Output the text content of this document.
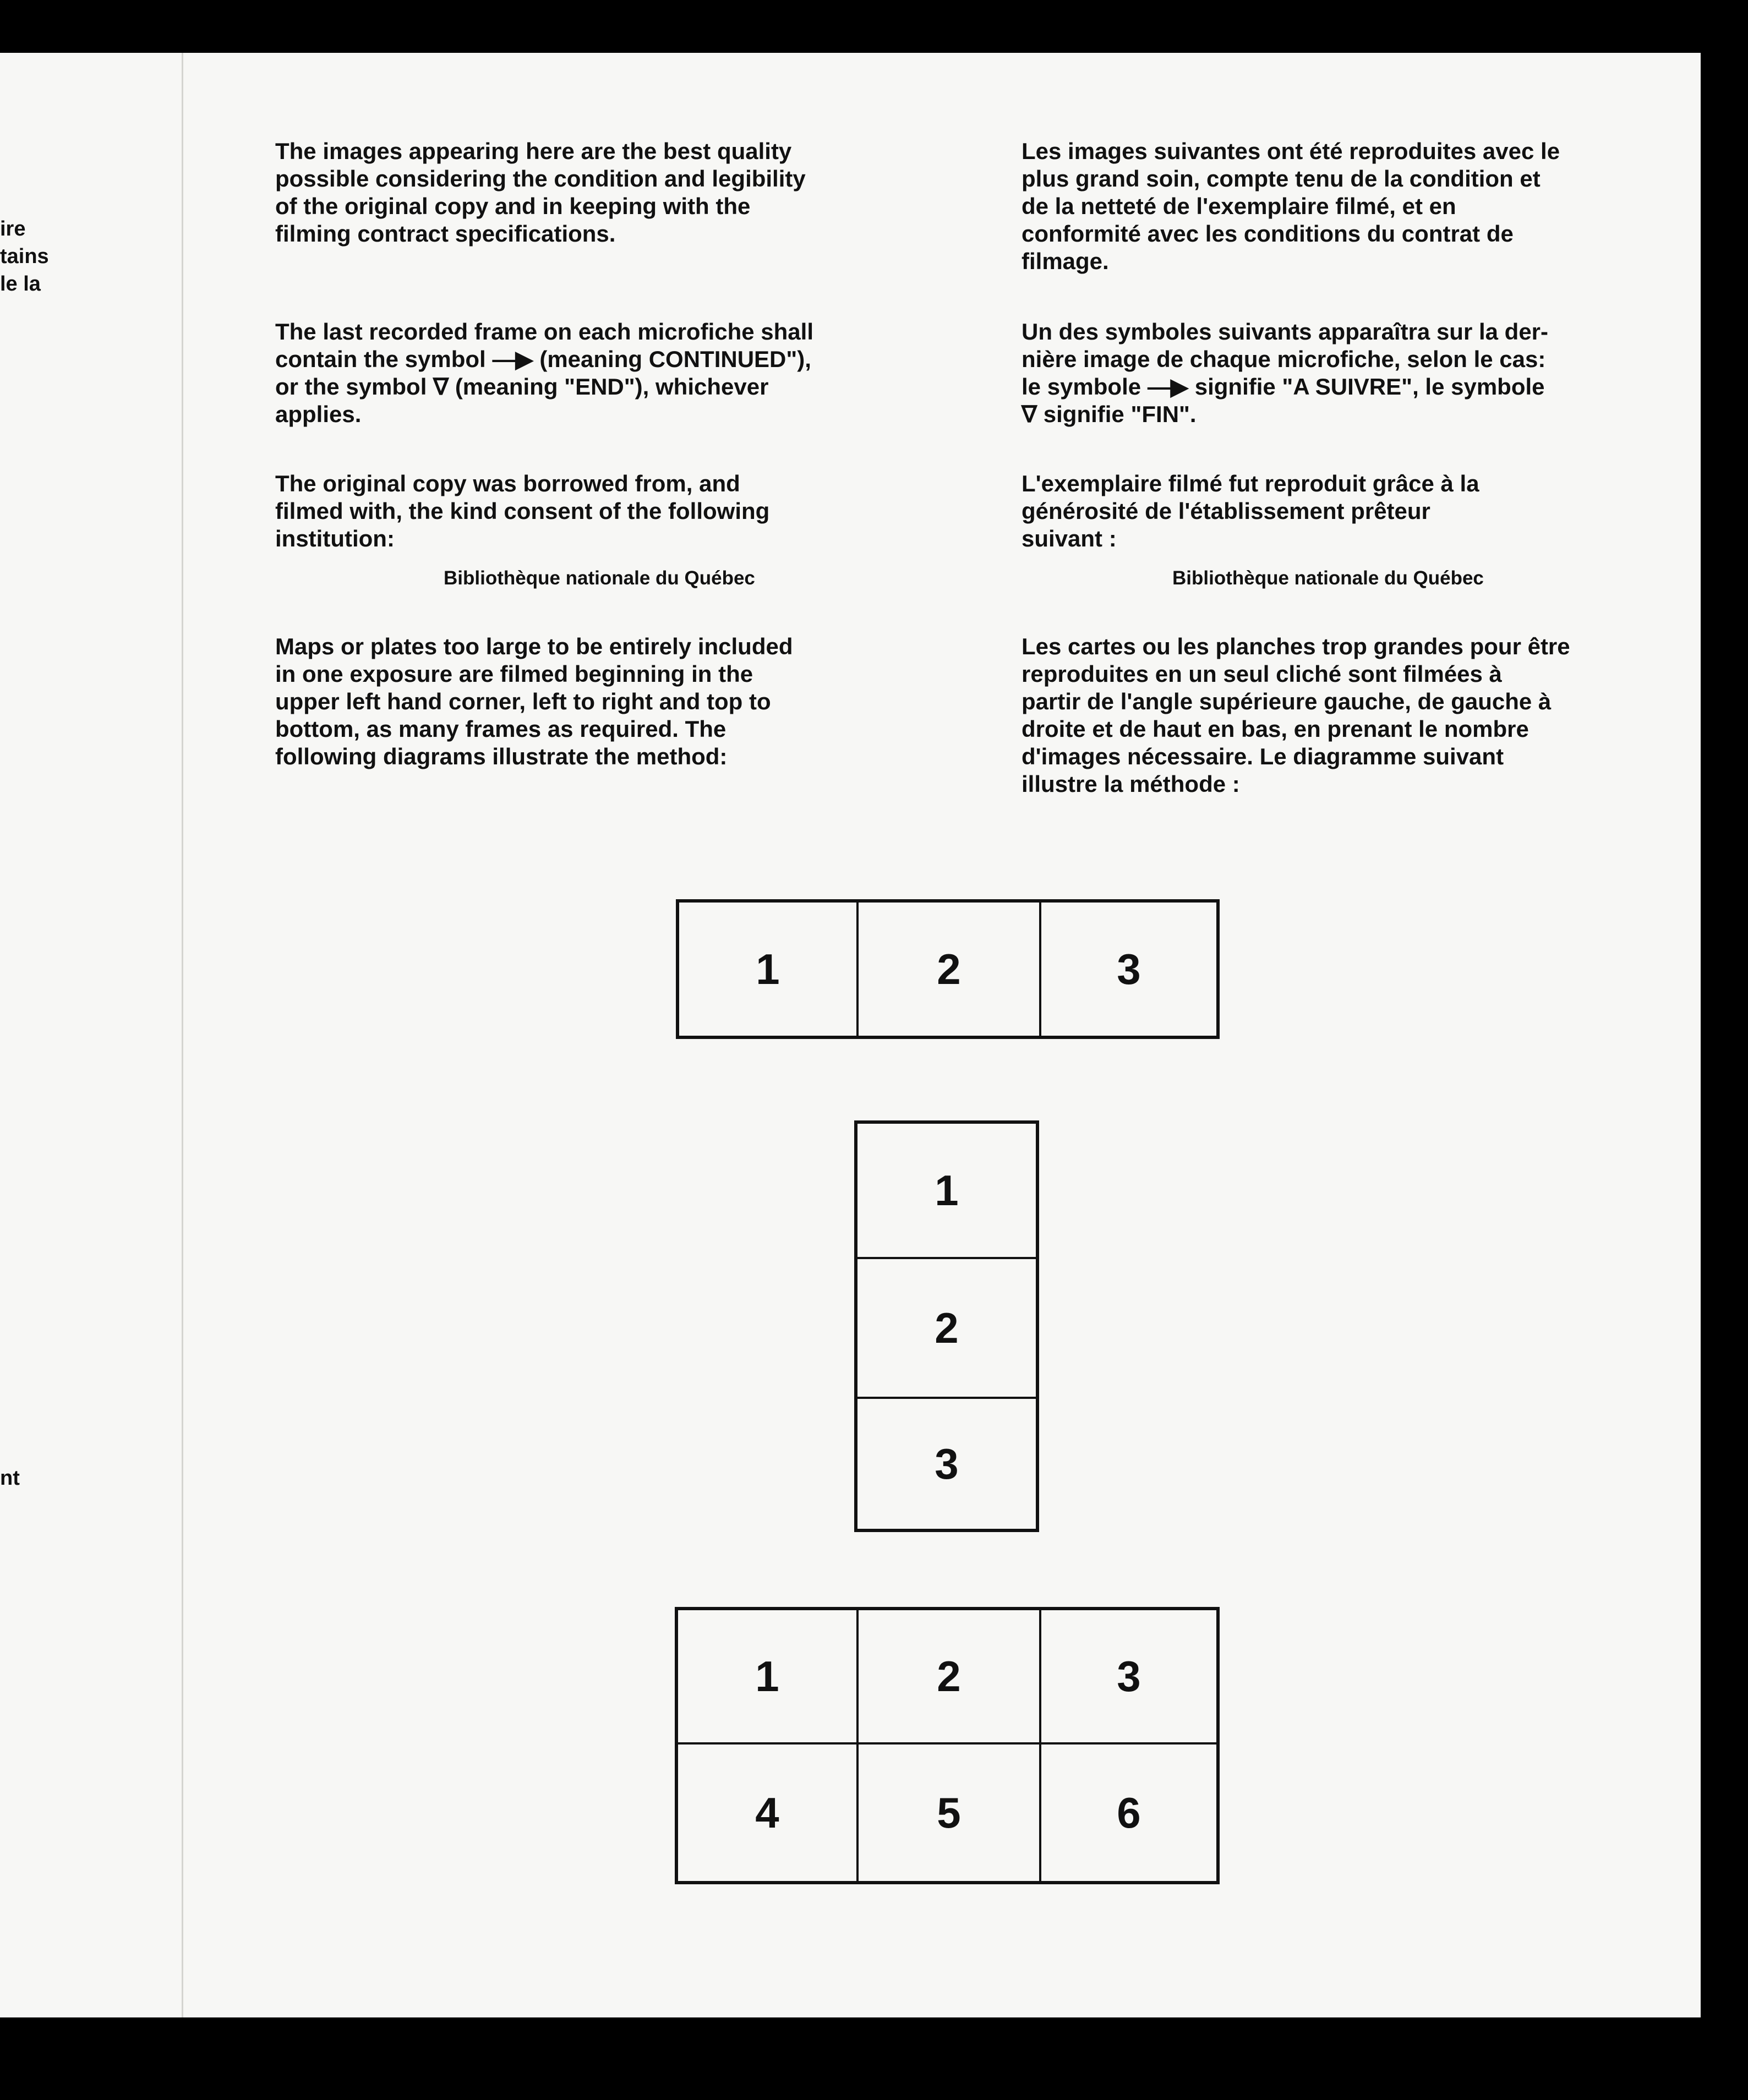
ire
tains
le la
nt
The images appearing here are the best quality
possible considering the condition and legibility
of the original copy and in keeping with the
filming contract specifications.
The last recorded frame on each microfiche shall
contain the symbol —▶ (meaning CONTINUED"),
or the symbol ∇ (meaning "END"), whichever
applies.
The original copy was borrowed from, and
filmed with, the kind consent of the following
institution:
Bibliothèque nationale du Québec
Maps or plates too large to be entirely included
in one exposure are filmed beginning in the
upper left hand corner, left to right and top to
bottom, as many frames as required. The
following diagrams illustrate the method:
Les images suivantes ont été reproduites avec le
plus grand soin, compte tenu de la condition et
de la netteté de l'exemplaire filmé, et en
conformité avec les conditions du contrat de
filmage.
Un des symboles suivants apparaîtra sur la der-
nière image de chaque microfiche, selon le cas:
le symbole —▶ signifie "A SUIVRE", le symbole
∇ signifie "FIN".
L'exemplaire filmé fut reproduit grâce à la
générosité de l'établissement prêteur
suivant :
Bibliothèque nationale du Québec
Les cartes ou les planches trop grandes pour être
reproduites en un seul cliché sont filmées à
partir de l'angle supérieure gauche, de gauche à
droite et de haut en bas, en prenant le nombre
d'images nécessaire. Le diagramme suivant
illustre la méthode :
1	2	3
1
2
3
1	2	3
4	5	6
